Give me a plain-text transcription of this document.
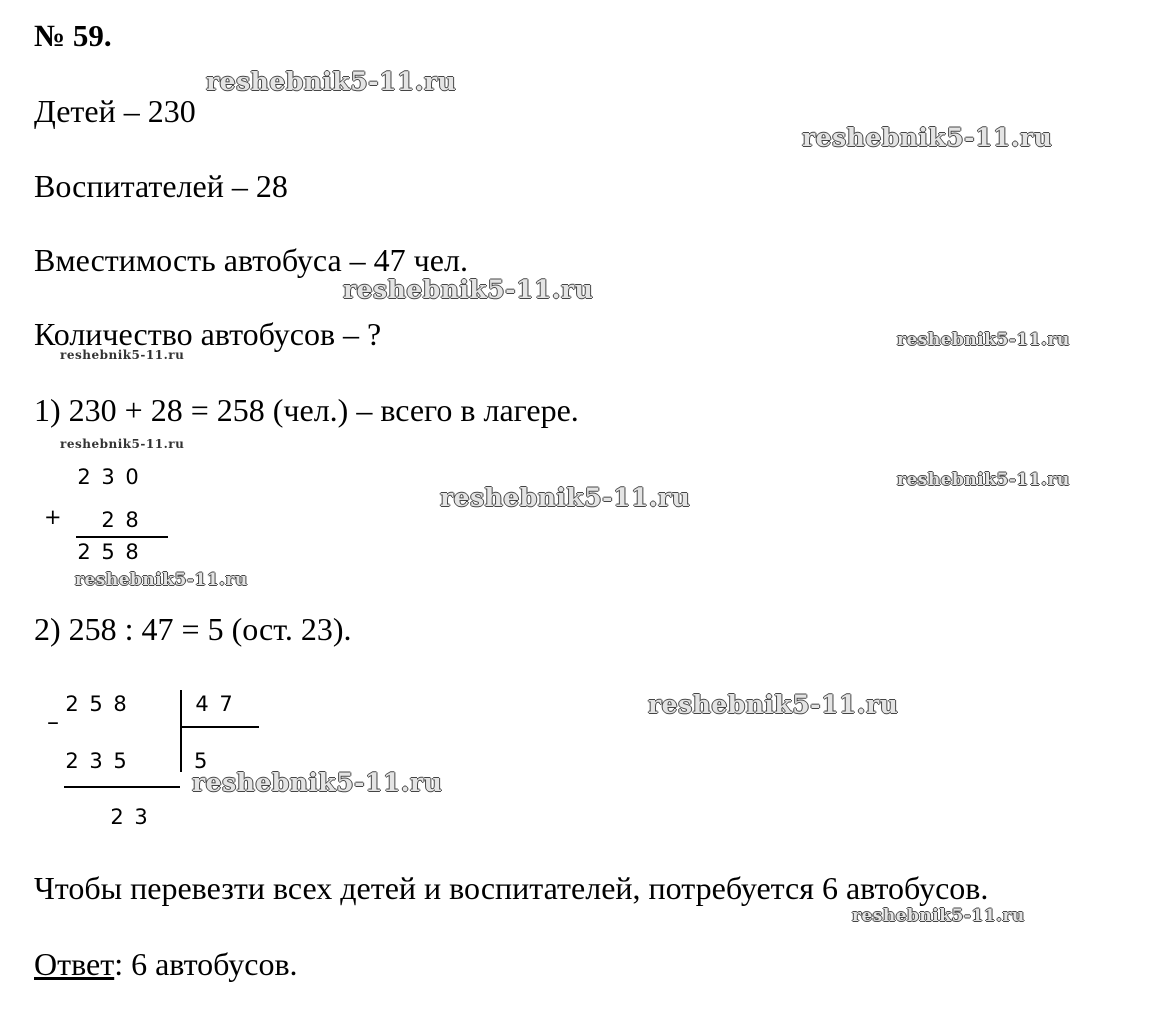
№ 59.
Детей – 230
Воспитателей – 28
Вместимость автобуса – 47 чел.
Количество автобусов – ?
1) 230 + 28 = 258 (чел.) – всего в лагере.
2 3 0
+ 2 8
2 5 8
2) 258 : 47 = 5 (ост. 23).
2 5 8
–
4 7
2 3 5	5
2 3
Чтобы перевезти всех детей и воспитателей, потребуется 6 автобусов.
Ответ: 6 автобусов.
reshebnik5-11.ru
reshebnik5-11.ru
reshebnik5-11.ru
reshebnik5-11.ru
reshebnik5-11.ru
reshebnik5-11.ru
reshebnik5-11.ru
reshebnik5-11.ru
reshebnik5-11.ru
reshebnik5-11.ru
reshebnik5-11.ru
reshebnik5-11.ru
